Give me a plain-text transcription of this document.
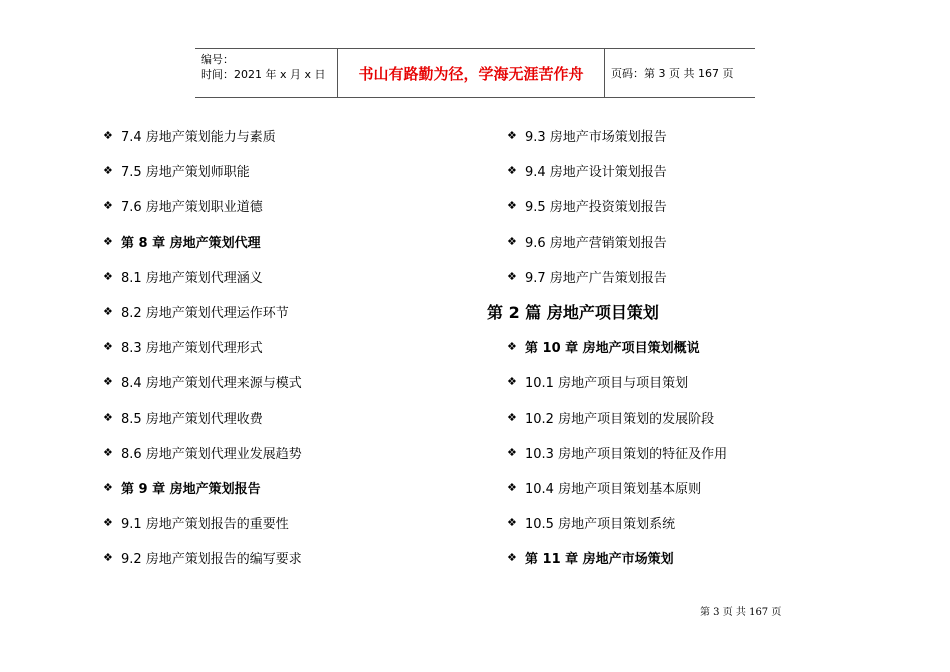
编号：
时间：2021 年 x 月 x 日	书山有路勤为径，学海无涯苦作舟	页码：第 3 页 共 167 页
❖ 7.4 房地产策划能力与素质
❖ 7.5 房地产策划师职能
❖ 7.6 房地产策划职业道德
❖ 第 8 章 房地产策划代理
❖ 8.1 房地产策划代理涵义
❖ 8.2 房地产策划代理运作环节
❖ 8.3 房地产策划代理形式
❖ 8.4 房地产策划代理来源与模式
❖ 8.5 房地产策划代理收费
❖ 8.6 房地产策划代理业发展趋势
❖ 第 9 章 房地产策划报告
❖ 9.1 房地产策划报告的重要性
❖ 9.2 房地产策划报告的编写要求
❖ 9.3 房地产市场策划报告
❖ 9.4 房地产设计策划报告
❖ 9.5 房地产投资策划报告
❖ 9.6 房地产营销策划报告
❖ 9.7 房地产广告策划报告
第 2 篇 房地产项目策划
❖ 第 10 章 房地产项目策划概说
❖ 10.1 房地产项目与项目策划
❖ 10.2 房地产项目策划的发展阶段
❖ 10.3 房地产项目策划的特征及作用
❖ 10.4 房地产项目策划基本原则
❖ 10.5 房地产项目策划系统
❖ 第 11 章 房地产市场策划
第 3 页 共 167 页
